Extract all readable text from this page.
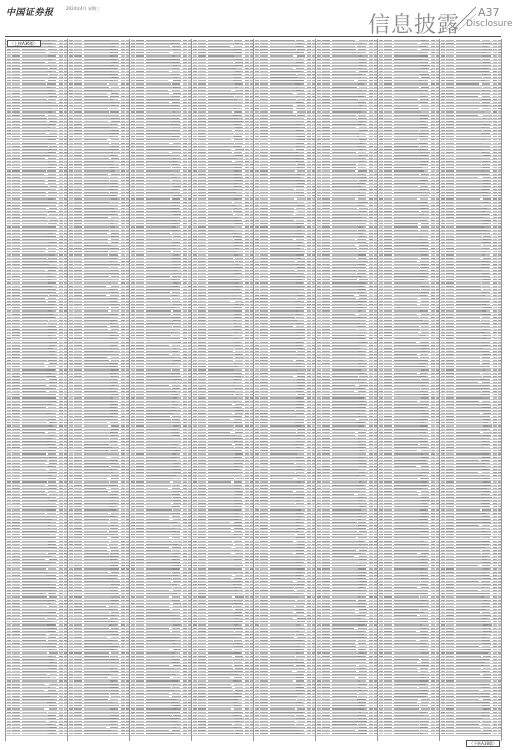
中国证券报	2024年4月 星期三
信息披露
A37
Disclosure
（上接A36版）
（下转A38版）
